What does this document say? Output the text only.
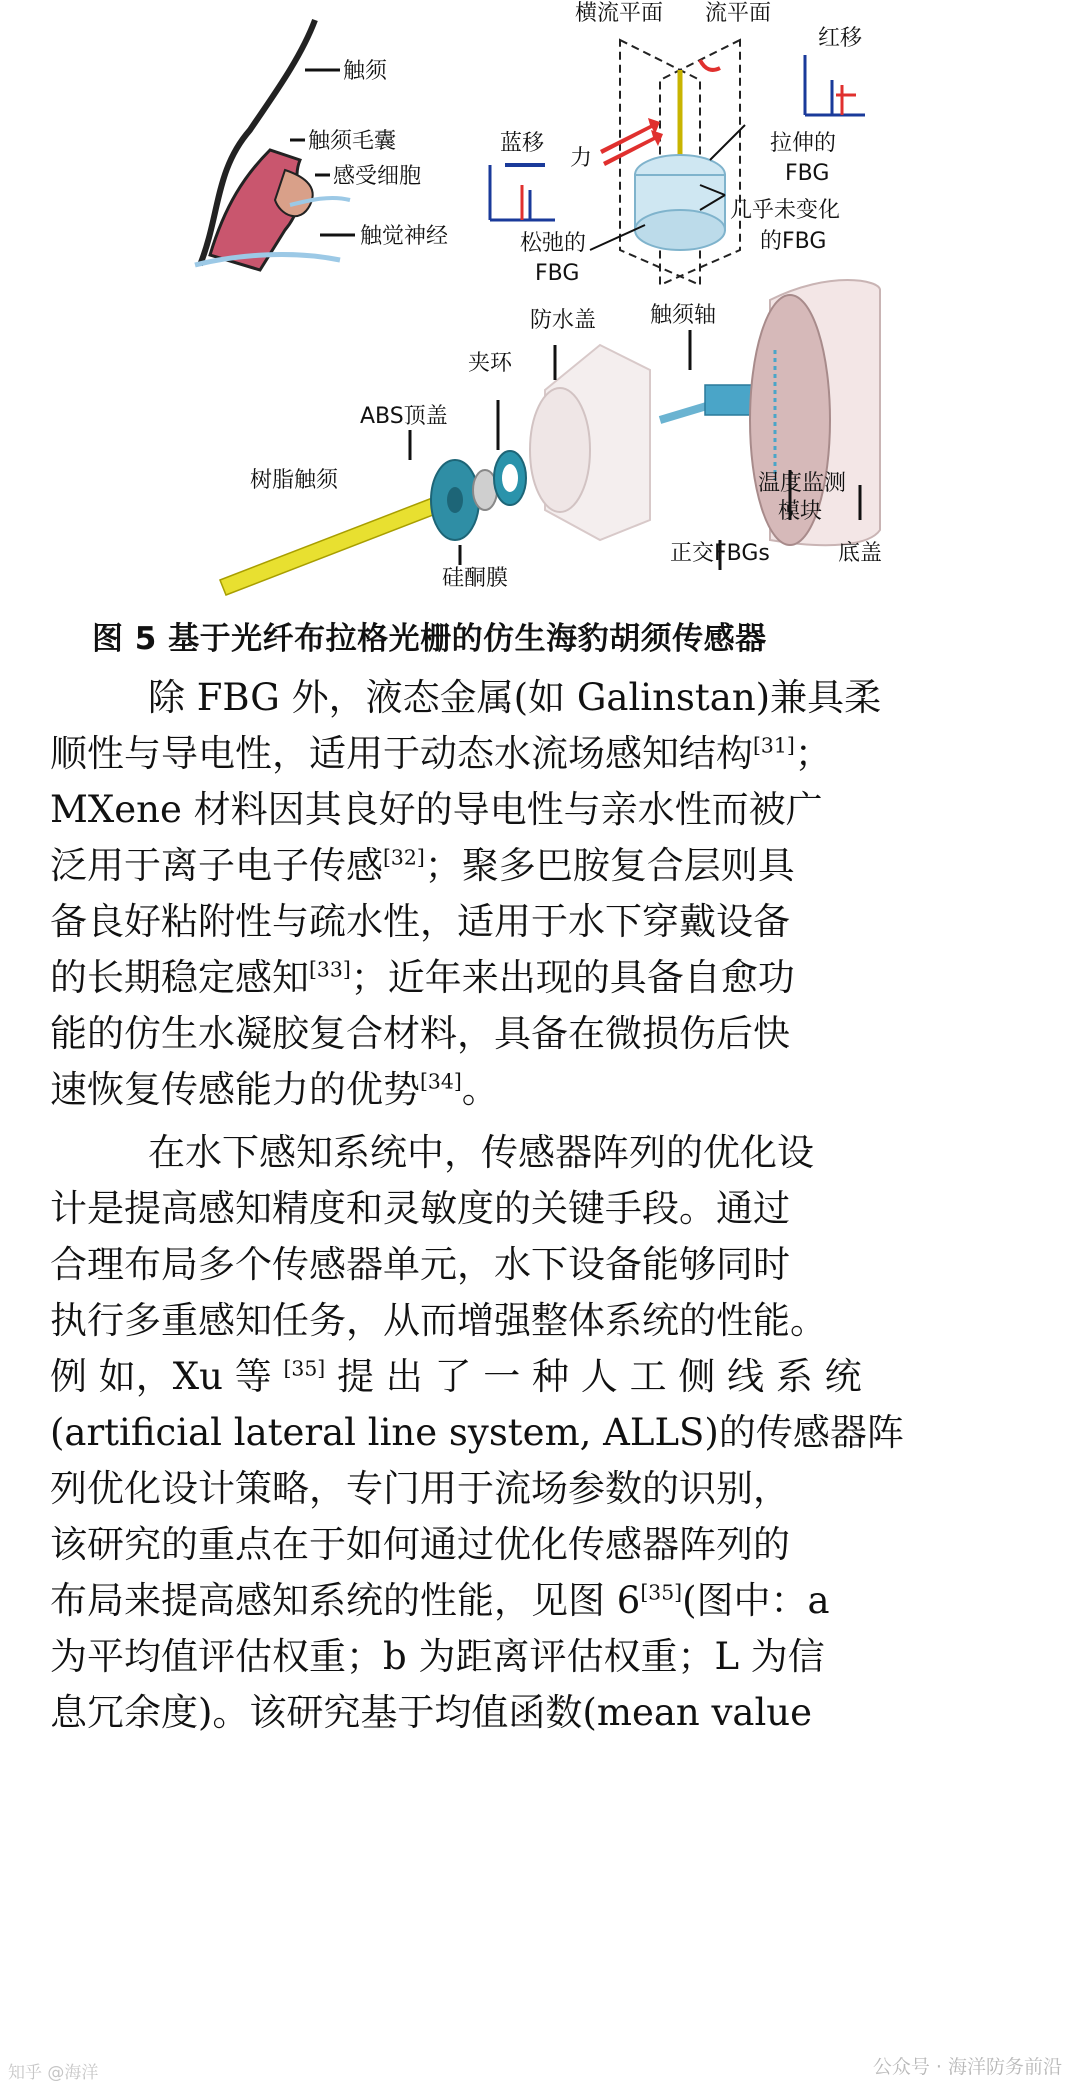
触须
触须毛囊
感受细胞
触觉神经
横流平面 流平面
红移
蓝移
力
拉伸的
FBG
几乎未变化
的FBG
松弛的
FBG
防水盖 触须轴
夹环
ABS顶盖
树脂触须	温度监测
模块
硅酮膜
正交FBGs	底盖
图 5 基于光纤布拉格光栅的仿生海豹胡须传感器
除 FBG 外，液态金属(如 Galinstan)兼具柔
顺性与导电性，适用于动态水流场感知结构[31]；
MXene 材料因其良好的导电性与亲水性而被广
泛用于离子电子传感[32]；聚多巴胺复合层则具
备良好粘附性与疏水性，适用于水下穿戴设备
的长期稳定感知[33]；近年来出现的具备自愈功
能的仿生水凝胶复合材料，具备在微损伤后快
速恢复传感能力的优势[34]。
在水下感知系统中，传感器阵列的优化设
计是提高感知精度和灵敏度的关键手段。通过
合理布局多个传感器单元，水下设备能够同时
执行多重感知任务，从而增强整体系统的性能。
例 如，Xu 等 [35] 提 出 了 一 种 人 工 侧 线 系 统
(artificial lateral line system, ALLS)的传感器阵
列优化设计策略，专门用于流场参数的识别，
该研究的重点在于如何通过优化传感器阵列的
布局来提高感知系统的性能，见图 6[35](图中：a
为平均值评估权重；b 为距离评估权重；L 为信
息冗余度)。该研究基于均值函数(mean value
公众号 · 海洋防务前沿
知乎 @海洋
